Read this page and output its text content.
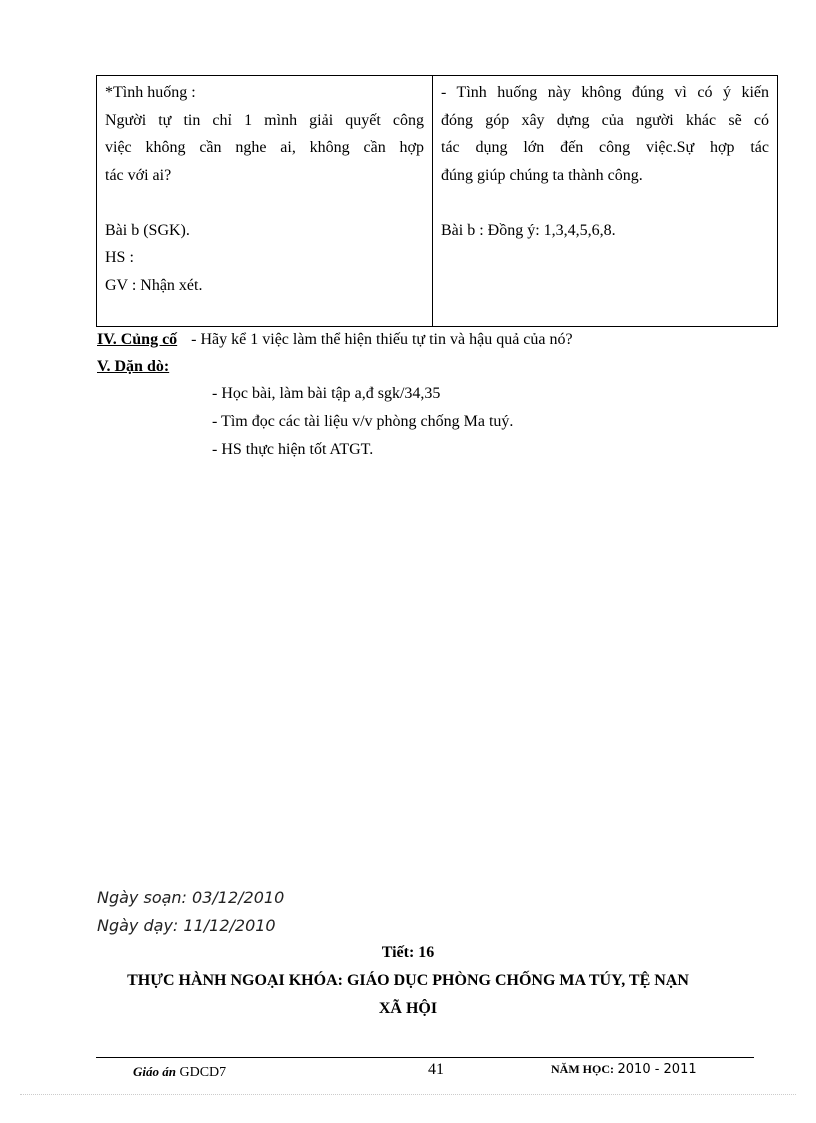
*Tình huống :
Người tự tin chỉ 1 mình giải quyết công
việc không cần nghe ai, không cần hợp
tác với ai?
Bài b (SGK).
HS :
GV : Nhận xét.
- Tình huống này không đúng vì có ý kiến
đóng góp xây dựng của người khác sẽ có
tác dụng lớn đến công việc.Sự hợp tác
đúng giúp chúng ta thành công.
Bài b : Đồng ý: 1,3,4,5,6,8.
IV. Củng cố - Hãy kể 1 việc làm thể hiện thiếu tự tin và hậu quả của nó?
V. Dặn dò:
- Học bài, làm bài tập a,đ sgk/34,35
- Tìm đọc các tài liệu v/v phòng chống Ma tuý.
- HS thực hiện tốt ATGT.
Ngày soạn: 03/12/2010
Ngày dạy: 11/12/2010
Tiết: 16
THỰC HÀNH NGOẠI KHÓA: GIÁO DỤC PHÒNG CHỐNG MA TÚY, TỆ NẠN
XÃ HỘI
Giáo án GDCD7	41	NĂM HỌC: 2010 - 2011
